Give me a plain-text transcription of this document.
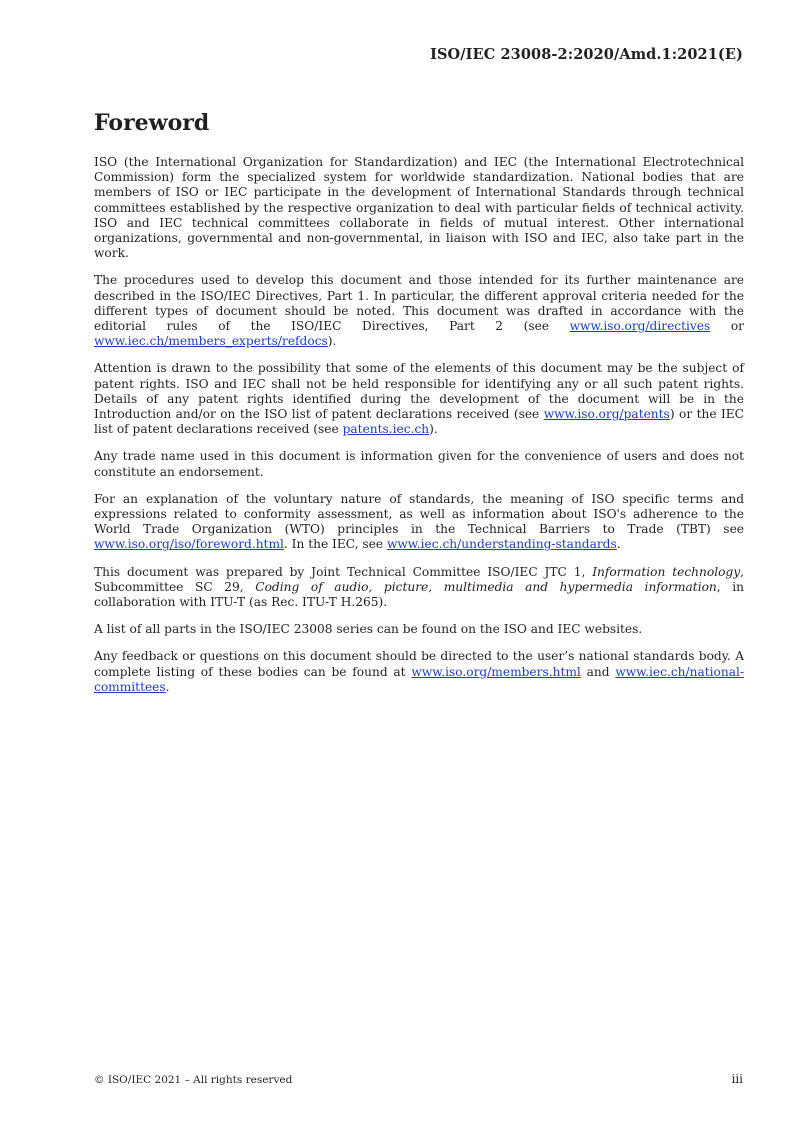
ISO/IEC 23008-2:2020/Amd.1:2021(E)
Foreword

ISO (the International Organization for Standardization) and IEC (the International Electrotechnical Commission) form the specialized system for worldwide standardization. National bodies that are members of ISO or IEC participate in the development of International Standards through technical committees established by the respective organization to deal with particular fields of technical activity. ISO and IEC technical committees collaborate in fields of mutual interest. Other international organizations, governmental and non-governmental, in liaison with ISO and IEC, also take part in the work.

The procedures used to develop this document and those intended for its further maintenance are described in the ISO/IEC Directives, Part 1. In particular, the different approval criteria needed for the different types of document should be noted. This document was drafted in accordance with the editorial rules of the ISO/IEC Directives, Part 2 (see www.iso.org/directives or www.iec.ch/members_experts/refdocs).

Attention is drawn to the possibility that some of the elements of this document may be the subject of patent rights. ISO and IEC shall not be held responsible for identifying any or all such patent rights. Details of any patent rights identified during the development of the document will be in the Introduction and/or on the ISO list of patent declarations received (see www.iso.org/patents) or the IEC list of patent declarations received (see patents.iec.ch).

Any trade name used in this document is information given for the convenience of users and does not constitute an endorsement.

For an explanation of the voluntary nature of standards, the meaning of ISO specific terms and expressions related to conformity assessment, as well as information about ISO's adherence to the World Trade Organization (WTO) principles in the Technical Barriers to Trade (TBT) see www.iso.org/iso/foreword.html. In the IEC, see www.iec.ch/understanding-standards.

This document was prepared by Joint Technical Committee ISO/IEC JTC 1, Information technology, Subcommittee SC 29, Coding of audio, picture, multimedia and hypermedia information, in collaboration with ITU-T (as Rec. ITU-T H.265).

A list of all parts in the ISO/IEC 23008 series can be found on the ISO and IEC websites.

Any feedback or questions on this document should be directed to the user’s national standards body. A complete listing of these bodies can be found at www.iso.org/members.html and www.iec.ch/national-committees.

© ISO/IEC 2021 – All rights reserved	iii
